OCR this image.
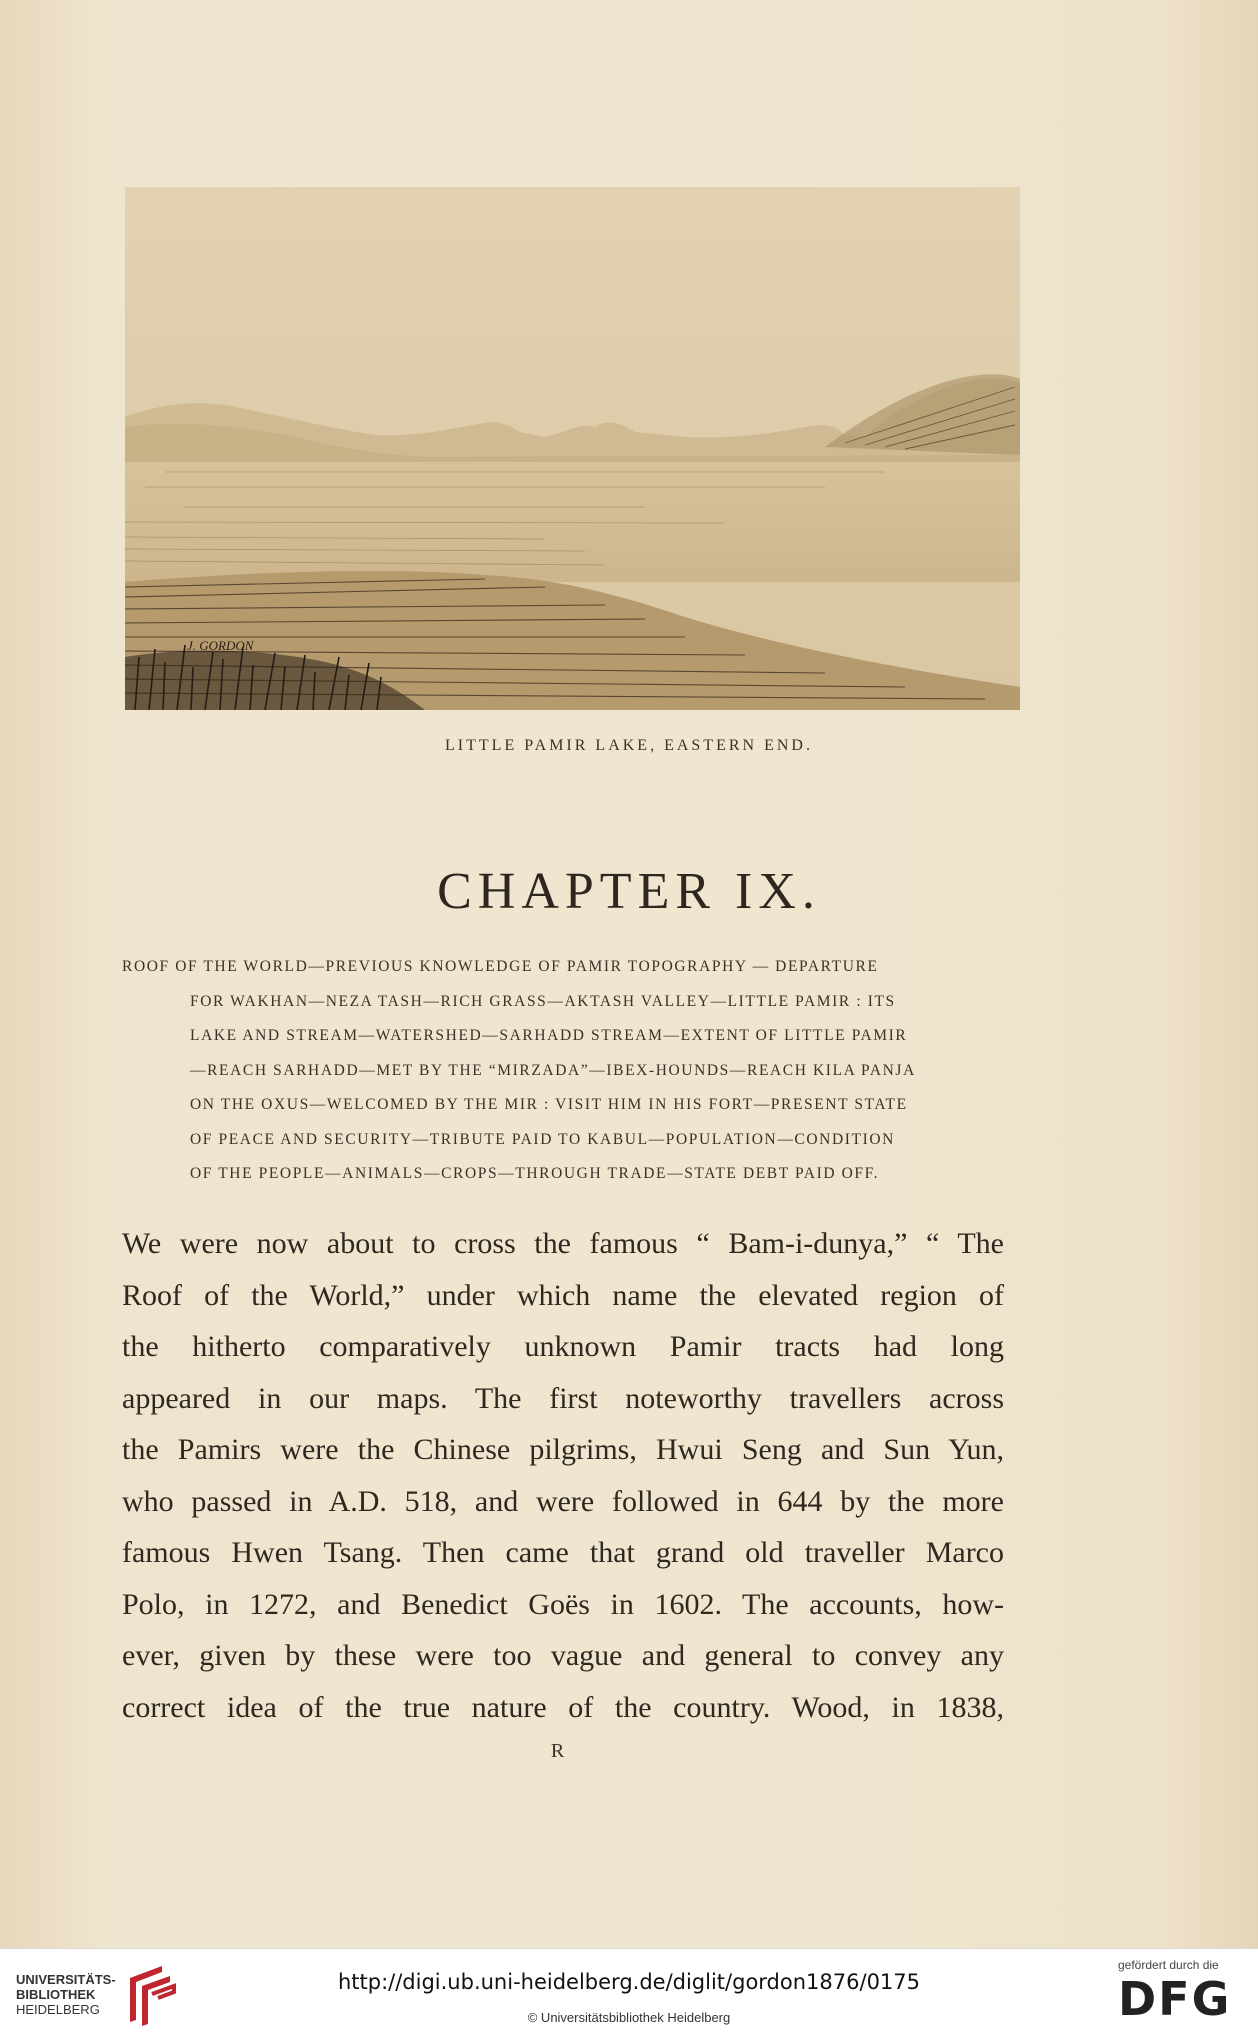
J. GORDON
LITTLE PAMIR LAKE, EASTERN END.
CHAPTER IX.
ROOF OF THE WORLD—PREVIOUS KNOWLEDGE OF PAMIR TOPOGRAPHY — DEPARTURE
FOR WAKHAN—NEZA TASH—RICH GRASS—AKTASH VALLEY—LITTLE PAMIR : ITS
LAKE AND STREAM—WATERSHED—SARHADD STREAM—EXTENT OF LITTLE PAMIR
—REACH SARHADD—MET BY THE “MIRZADA”—IBEX-HOUNDS—REACH KILA PANJA
ON THE OXUS—WELCOMED BY THE MIR : VISIT HIM IN HIS FORT—PRESENT STATE
OF PEACE AND SECURITY—TRIBUTE PAID TO KABUL—POPULATION—CONDITION
OF THE PEOPLE—ANIMALS—CROPS—THROUGH TRADE—STATE DEBT PAID OFF.
We were now about to cross the famous “ Bam-i-dunya,” “ The
Roof of the World,” under which name the elevated region of
the hitherto comparatively unknown Pamir tracts had long
appeared in our maps. The first noteworthy travellers across
the Pamirs were the Chinese pilgrims, Hwui Seng and Sun Yun,
who passed in A.D. 518, and were followed in 644 by the more
famous Hwen Tsang. Then came that grand old traveller Marco
Polo, in 1272, and Benedict Goës in 1602. The accounts, how-
ever, given by these were too vague and general to convey any
correct idea of the true nature of the country. Wood, in 1838,
R
UNIVERSITÄTS-
BIBLIOTHEK
HEIDELBERG
http://digi.ub.uni-heidelberg.de/diglit/gordon1876/0175
© Universitätsbibliothek Heidelberg
gefördert durch die
DFG
